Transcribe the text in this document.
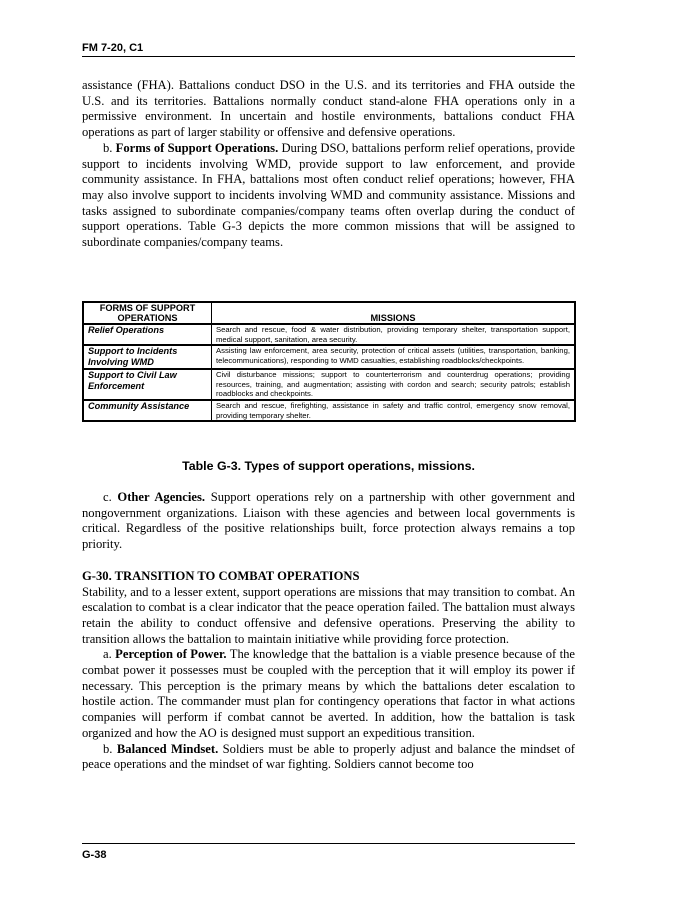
FM 7-20, C1

assistance (FHA). Battalions conduct DSO in the U.S. and its territories and FHA outside the U.S. and its territories. Battalions normally conduct stand-alone FHA operations only in a permissive environment. In uncertain and hostile environments, battalions conduct FHA operations as part of larger stability or offensive and defensive operations.

b. Forms of Support Operations. During DSO, battalions perform relief operations, provide support to incidents involving WMD, provide support to law enforcement, and provide community assistance. In FHA, battalions most often conduct relief operations; however, FHA may also involve support to incidents involving WMD and community assistance. Missions and tasks assigned to subordinate companies/company teams often overlap during the conduct of support operations. Table G-3 depicts the more common missions that will be assigned to subordinate companies/company teams.

FORMS OF SUPPORT OPERATIONS	MISSIONS
Relief Operations	Search and rescue, food & water distribution, providing temporary shelter, transportation support, medical support, sanitation, area security.
Support to Incidents Involving WMD	Assisting law enforcement, area security, protection of critical assets (utilities, transportation, banking, telecommunications), responding to WMD casualties, establishing roadblocks/checkpoints.
Support to Civil Law Enforcement	Civil disturbance missions; support to counterterrorism and counterdrug operations; providing resources, training, and augmentation; assisting with cordon and search; security patrols; establish roadblocks and checkpoints.
Community Assistance	Search and rescue, firefighting, assistance in safety and traffic control, emergency snow removal, providing temporary shelter.
Table G-3. Types of support operations, missions.

c. Other Agencies. Support operations rely on a partnership with other government and nongovernment organizations. Liaison with these agencies and between local governments is critical. Regardless of the positive relationships built, force protection always remains a top priority.

G-30. TRANSITION TO COMBAT OPERATIONS

Stability, and to a lesser extent, support operations are missions that may transition to combat. An escalation to combat is a clear indicator that the peace operation failed. The battalion must always retain the ability to conduct offensive and defensive operations. Preserving the ability to transition allows the battalion to maintain initiative while providing force protection.

a. Perception of Power. The knowledge that the battalion is a viable presence because of the combat power it possesses must be coupled with the perception that it will employ its power if necessary. This perception is the primary means by which the battalions deter escalation to hostile action. The commander must plan for contingency operations that factor in what actions companies will perform if combat cannot be averted. In addition, how the battalion is task organized and how the AO is designed must support an expeditious transition.

b. Balanced Mindset. Soldiers must be able to properly adjust and balance the mindset of peace operations and the mindset of war fighting. Soldiers cannot become too

G-38
